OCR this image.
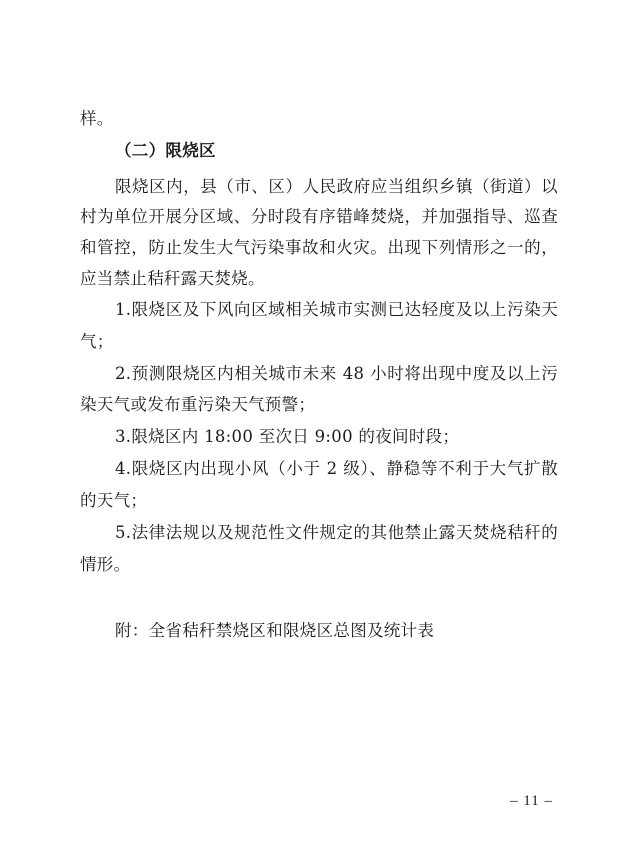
样。
（二）限烧区
限烧区内，县（市、区）人民政府应当组织乡镇（街道）以
村为单位开展分区域、分时段有序错峰焚烧，并加强指导、巡查
和管控，防止发生大气污染事故和火灾。出现下列情形之一的，
应当禁止秸秆露天焚烧。
1.限烧区及下风向区域相关城市实测已达轻度及以上污染天
气；
2.预测限烧区内相关城市未来 48 小时将出现中度及以上污
染天气或发布重污染天气预警；
3.限烧区内 18:00 至次日 9:00 的夜间时段；
4.限烧区内出现小风（小于 2 级）、静稳等不利于大气扩散
的天气；
5.法律法规以及规范性文件规定的其他禁止露天焚烧秸秆的
情形。
附：全省秸秆禁烧区和限烧区总图及统计表
– 11 –
